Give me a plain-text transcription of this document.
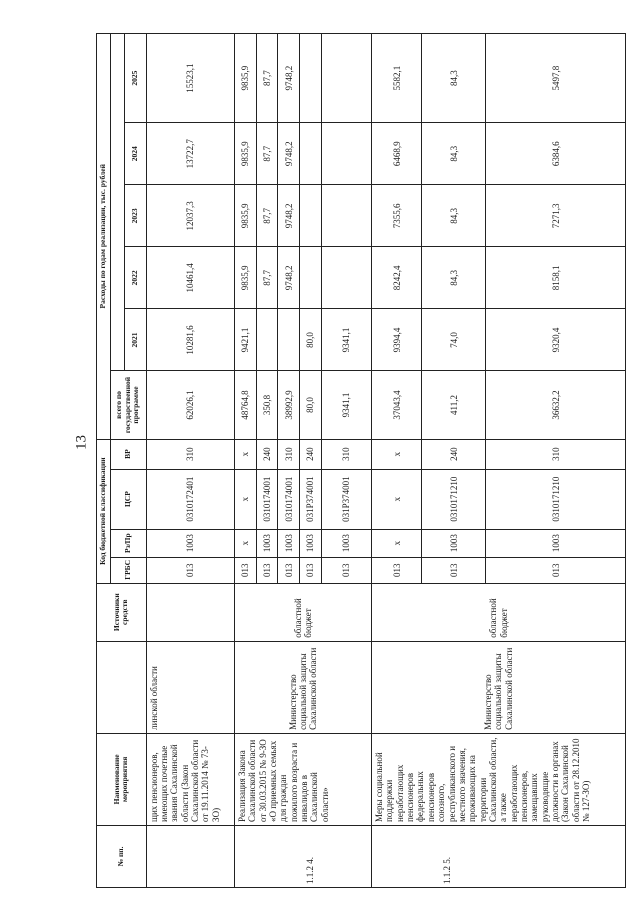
13
№ пп.	Наименование мероприятия		Источники средств	Код бюджетной классификации				Расходы по годам реализации, тыс. рублей					
				ГРБС	Рз/Пр	ЦСР	ВР	всего по государственной программе					
									2021	2022	2023	2024	2025
	щих пенсионеров, имеющих почетные звания Сахалинской области (Закон Сахалинской области от 19.11.2014 № 73-ЗО)	линской области		013	1003	0310172401	310	62026,1	10281,6	10461,4	12037,3	13722,7	15523,1
1.1.2 4.	Реализация Закона Сахалинской области от 30.03.2015 № 9-ЗО «О приемных семьях для граждан пожилого возраста и инвалидов в Сахалинской области»	Министерство социальной защиты Сахалинской области	областной бюджет	013	х	х	х	48764,8	9421,1	9835,9	9835,9	9835,9	9835,9
				013	1003	0310174001	240	350,8		87,7	87,7	87,7	87,7
				013	1003	0310174001	310	38992,9		9748,2	9748,2	9748,2	9748,2
				013	1003	031Р374001	240	80,0	80,0				
				013	1003	031Р374001	310	9341,1	9341,1				
1.1.2 5.	Меры социальной поддержки неработающих пенсионеров федеральных пенсионеров союзного, республиканского и местного значения, проживающих на территории Сахалинской области, а также неработающих пенсионеров, замещавших руководящие должности в органах (Закон Сахалинской области от 28.12.2010 № 127-ЗО)	Министерство социальной защиты Сахалинской области	областной бюджет	013	х	х	х	37043,4	9394,4	8242,4	7355,6	6468,9	5582,1
				013	1003	0310171210	240	411,2	74,0	84,3	84,3	84,3	84,3
				013	1003	0310171210	310	36632,2	9320,4	8158,1	7271,3	6384,6	5497,8
